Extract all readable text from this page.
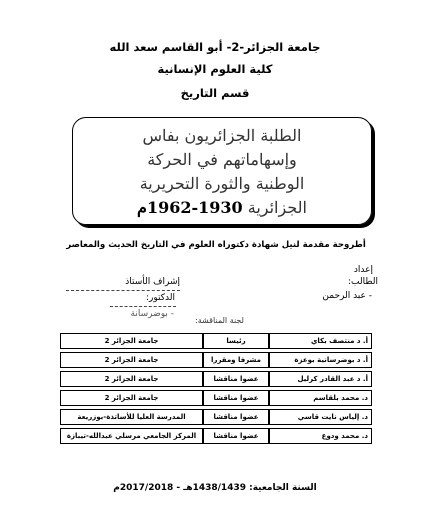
جامعة الجزائر-2- أبو القاسم سعد الله
كلية العلوم الإنسانية
قسم التاريخ
الطلبة الجزائريون بفاس
وإسهاماتهم في الحركة
الوطنية والثورة التحريرية
الجزائرية 1930-1962م
أطروحة مقدمة لنيل شهادة دكتوراه العلوم في التاريخ الحديث والمعاصر
إعداد
الطالب:
- عبد الرحمن
إشراف الأستاذ
الدكتور:
- بوضرسانة
لجنة المناقشة:
أ. د منتصف بكاي	رئيسا	جامعة الجزائر 2
أ. د بوضرسانية بوعزة	مشرفا ومقررا	جامعة الجزائر 2
أ. د عبد القادر كرليل	عضوا مناقشا	جامعة الجزائر 2
د. محمد بلقاسم	عضوا مناقشا	جامعة الجزائر 2
د. إلياس نايت قاسي	عضوا مناقشا	المدرسة العليا للأساتذة-بوزريعة
د. محمد ودوع	عضوا مناقشا	المركز الجامعي مرسلي عبدالله-تيبازة
السنة الجامعية: 1438/1439هـ - 2017/2018م
